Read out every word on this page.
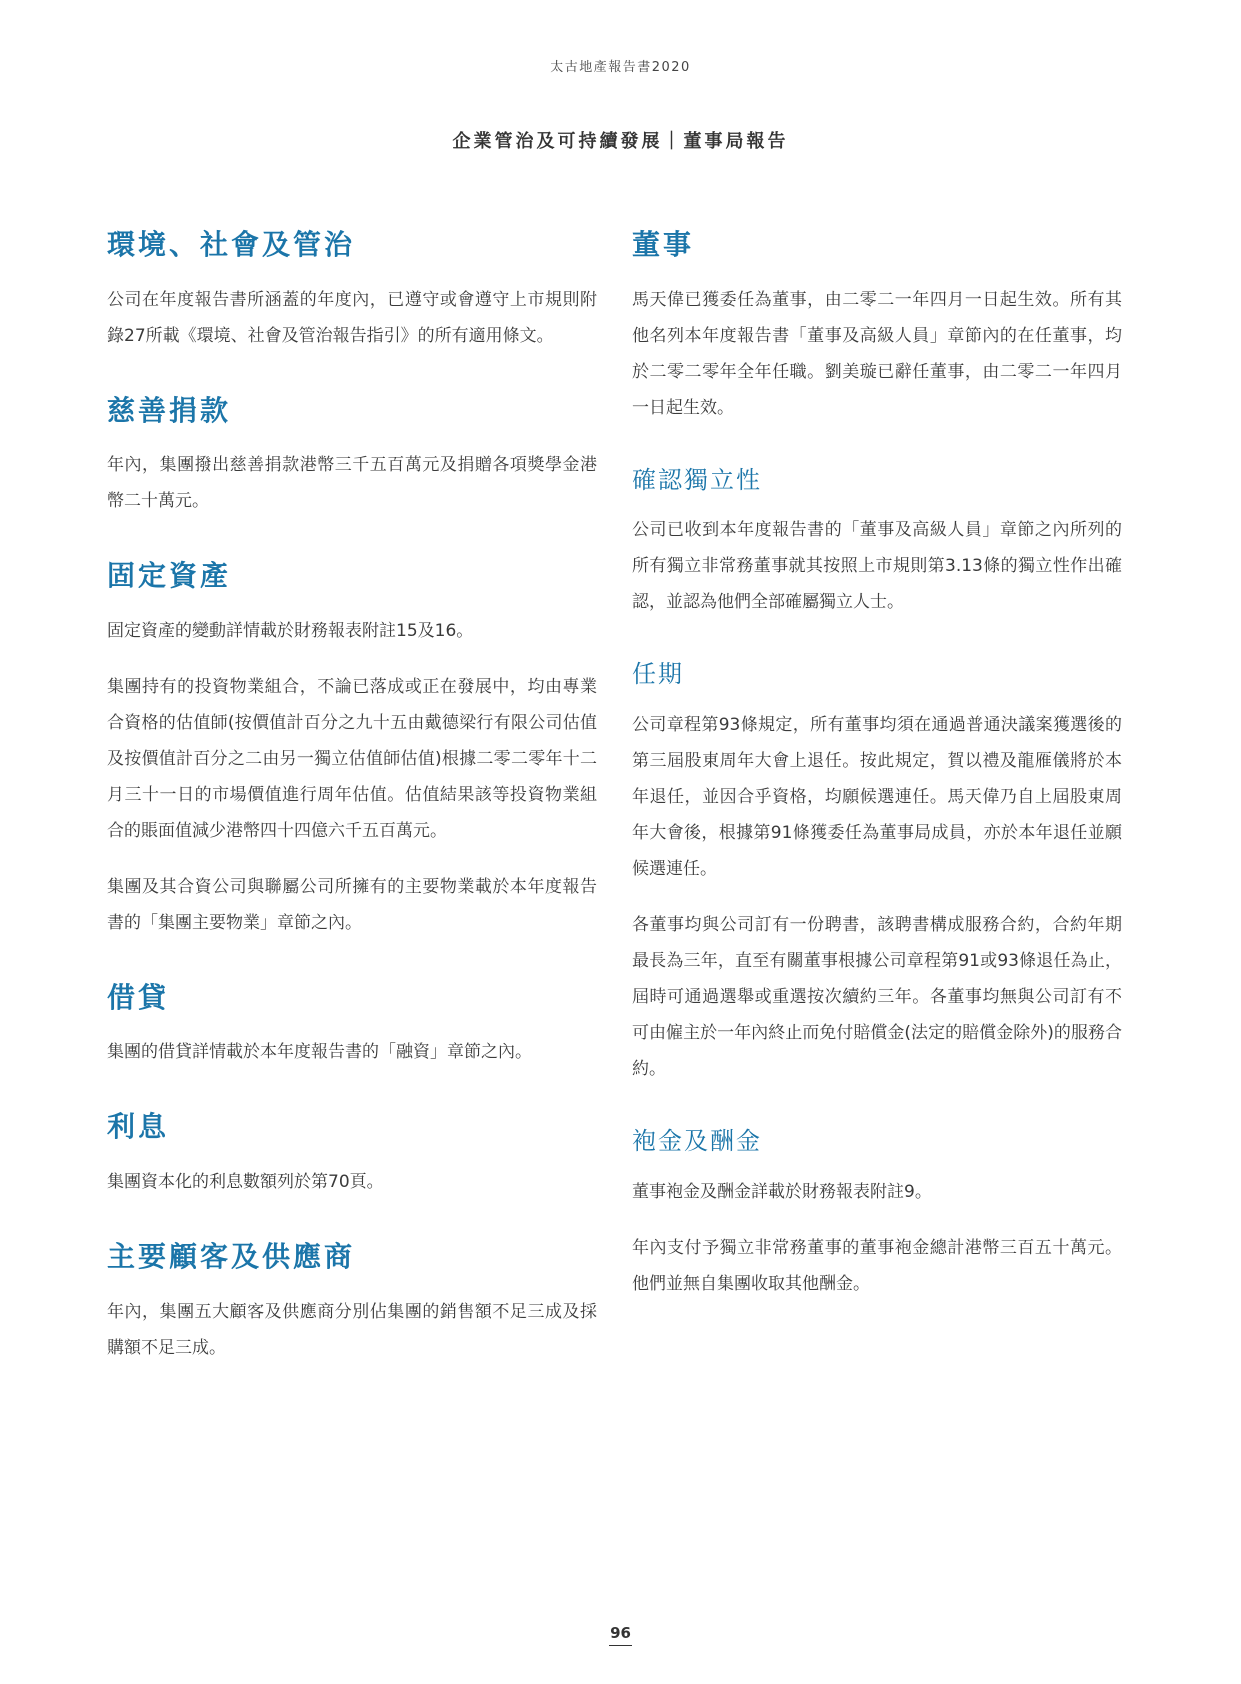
太古地產報告書2020
企業管治及可持續發展｜董事局報告
環境、社會及管治

公司在年度報告書所涵蓋的年度內，已遵守或會遵守上市規則附錄27所載《環境、社會及管治報告指引》的所有適用條文。

慈善捐款

年內，集團撥出慈善捐款港幣三千五百萬元及捐贈各項獎學金港幣二十萬元。

固定資產

固定資產的變動詳情載於財務報表附註15及16。

集團持有的投資物業組合，不論已落成或正在發展中，均由專業合資格的估值師(按價值計百分之九十五由戴德梁行有限公司估值及按價值計百分之二由另一獨立估值師估值)根據二零二零年十二月三十一日的市場價值進行周年估值。估值結果該等投資物業組合的賬面值減少港幣四十四億六千五百萬元。

集團及其合資公司與聯屬公司所擁有的主要物業載於本年度報告書的「集團主要物業」章節之內。

借貸

集團的借貸詳情載於本年度報告書的「融資」章節之內。

利息

集團資本化的利息數額列於第70頁。

主要顧客及供應商

年內，集團五大顧客及供應商分別佔集團的銷售額不足三成及採購額不足三成。

董事

馬天偉已獲委任為董事，由二零二一年四月一日起生效。所有其他名列本年度報告書「董事及高級人員」章節內的在任董事，均於二零二零年全年任職。劉美璇已辭任董事，由二零二一年四月一日起生效。

確認獨立性

公司已收到本年度報告書的「董事及高級人員」章節之內所列的所有獨立非常務董事就其按照上市規則第3.13條的獨立性作出確認，並認為他們全部確屬獨立人士。

任期

公司章程第93條規定，所有董事均須在通過普通決議案獲選後的第三屆股東周年大會上退任。按此規定，賀以禮及龍雁儀將於本年退任，並因合乎資格，均願候選連任。馬天偉乃自上屆股東周年大會後，根據第91條獲委任為董事局成員，亦於本年退任並願候選連任。

各董事均與公司訂有一份聘書，該聘書構成服務合約，合約年期最長為三年，直至有關董事根據公司章程第91或93條退任為止，屆時可通過選舉或重選按次續約三年。各董事均無與公司訂有不可由僱主於一年內終止而免付賠償金(法定的賠償金除外)的服務合約。

袍金及酬金

董事袍金及酬金詳載於財務報表附註9。

年內支付予獨立非常務董事的董事袍金總計港幣三百五十萬元。他們並無自集團收取其他酬金。

96
